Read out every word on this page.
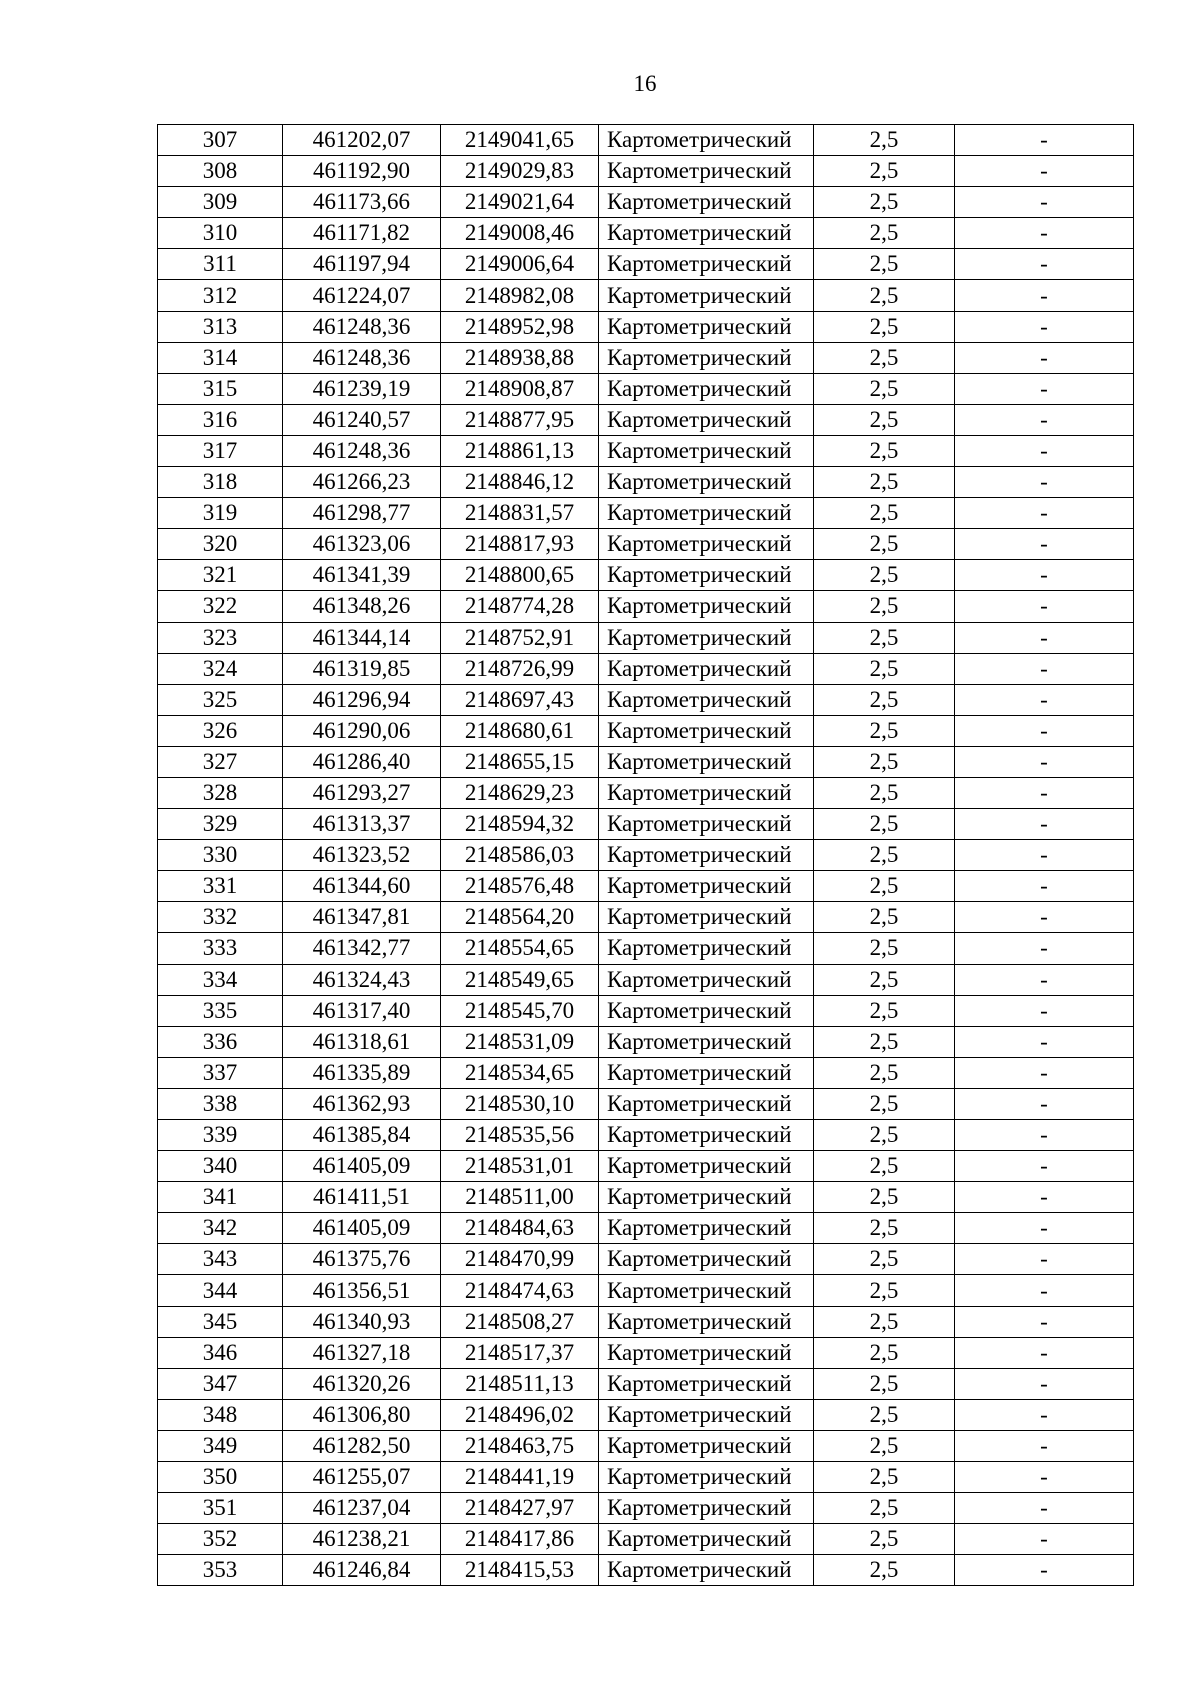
16
307	461202,07	2149041,65	Картометрический	2,5	-
308	461192,90	2149029,83	Картометрический	2,5	-
309	461173,66	2149021,64	Картометрический	2,5	-
310	461171,82	2149008,46	Картометрический	2,5	-
311	461197,94	2149006,64	Картометрический	2,5	-
312	461224,07	2148982,08	Картометрический	2,5	-
313	461248,36	2148952,98	Картометрический	2,5	-
314	461248,36	2148938,88	Картометрический	2,5	-
315	461239,19	2148908,87	Картометрический	2,5	-
316	461240,57	2148877,95	Картометрический	2,5	-
317	461248,36	2148861,13	Картометрический	2,5	-
318	461266,23	2148846,12	Картометрический	2,5	-
319	461298,77	2148831,57	Картометрический	2,5	-
320	461323,06	2148817,93	Картометрический	2,5	-
321	461341,39	2148800,65	Картометрический	2,5	-
322	461348,26	2148774,28	Картометрический	2,5	-
323	461344,14	2148752,91	Картометрический	2,5	-
324	461319,85	2148726,99	Картометрический	2,5	-
325	461296,94	2148697,43	Картометрический	2,5	-
326	461290,06	2148680,61	Картометрический	2,5	-
327	461286,40	2148655,15	Картометрический	2,5	-
328	461293,27	2148629,23	Картометрический	2,5	-
329	461313,37	2148594,32	Картометрический	2,5	-
330	461323,52	2148586,03	Картометрический	2,5	-
331	461344,60	2148576,48	Картометрический	2,5	-
332	461347,81	2148564,20	Картометрический	2,5	-
333	461342,77	2148554,65	Картометрический	2,5	-
334	461324,43	2148549,65	Картометрический	2,5	-
335	461317,40	2148545,70	Картометрический	2,5	-
336	461318,61	2148531,09	Картометрический	2,5	-
337	461335,89	2148534,65	Картометрический	2,5	-
338	461362,93	2148530,10	Картометрический	2,5	-
339	461385,84	2148535,56	Картометрический	2,5	-
340	461405,09	2148531,01	Картометрический	2,5	-
341	461411,51	2148511,00	Картометрический	2,5	-
342	461405,09	2148484,63	Картометрический	2,5	-
343	461375,76	2148470,99	Картометрический	2,5	-
344	461356,51	2148474,63	Картометрический	2,5	-
345	461340,93	2148508,27	Картометрический	2,5	-
346	461327,18	2148517,37	Картометрический	2,5	-
347	461320,26	2148511,13	Картометрический	2,5	-
348	461306,80	2148496,02	Картометрический	2,5	-
349	461282,50	2148463,75	Картометрический	2,5	-
350	461255,07	2148441,19	Картометрический	2,5	-
351	461237,04	2148427,97	Картометрический	2,5	-
352	461238,21	2148417,86	Картометрический	2,5	-
353	461246,84	2148415,53	Картометрический	2,5	-
